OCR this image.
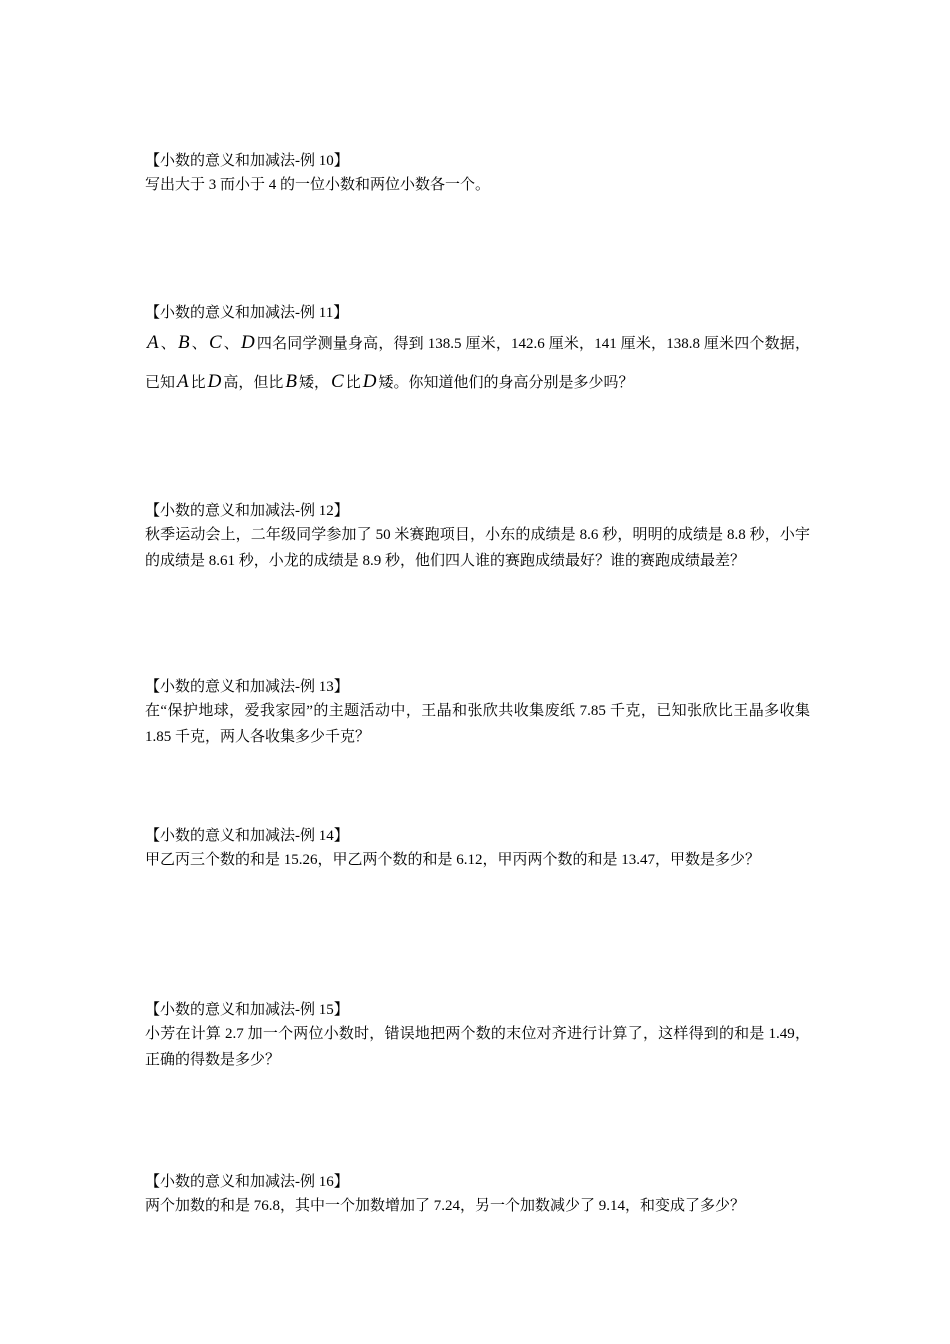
【小数的意义和加减法-例 10】
写出大于 3 而小于 4 的一位小数和两位小数各一个。
【小数的意义和加减法-例 11】
A 、 B 、 C 、 D 四名同学测量身高，得到 138.5 厘米，142.6 厘米，141 厘米，138.8 厘米四个数据，已知 A 比 D 高，但比 B 矮， C 比 D 矮。你知道他们的身高分别是多少吗？
【小数的意义和加减法-例 12】
秋季运动会上，二年级同学参加了 50 米赛跑项目，小东的成绩是 8.6 秒，明明的成绩是 8.8 秒，小宇的成绩是 8.61 秒，小龙的成绩是 8.9 秒，他们四人谁的赛跑成绩最好？谁的赛跑成绩最差？
【小数的意义和加减法-例 13】
在“保护地球，爱我家园”的主题活动中，王晶和张欣共收集废纸 7.85 千克，已知张欣比王晶多收集 1.85 千克，两人各收集多少千克？
【小数的意义和加减法-例 14】
甲乙丙三个数的和是 15.26，甲乙两个数的和是 6.12，甲丙两个数的和是 13.47，甲数是多少？
【小数的意义和加减法-例 15】
小芳在计算 2.7 加一个两位小数时，错误地把两个数的末位对齐进行计算了，这样得到的和是 1.49，正确的得数是多少？
【小数的意义和加减法-例 16】
两个加数的和是 76.8，其中一个加数增加了 7.24，另一个加数减少了 9.14，和变成了多少？
